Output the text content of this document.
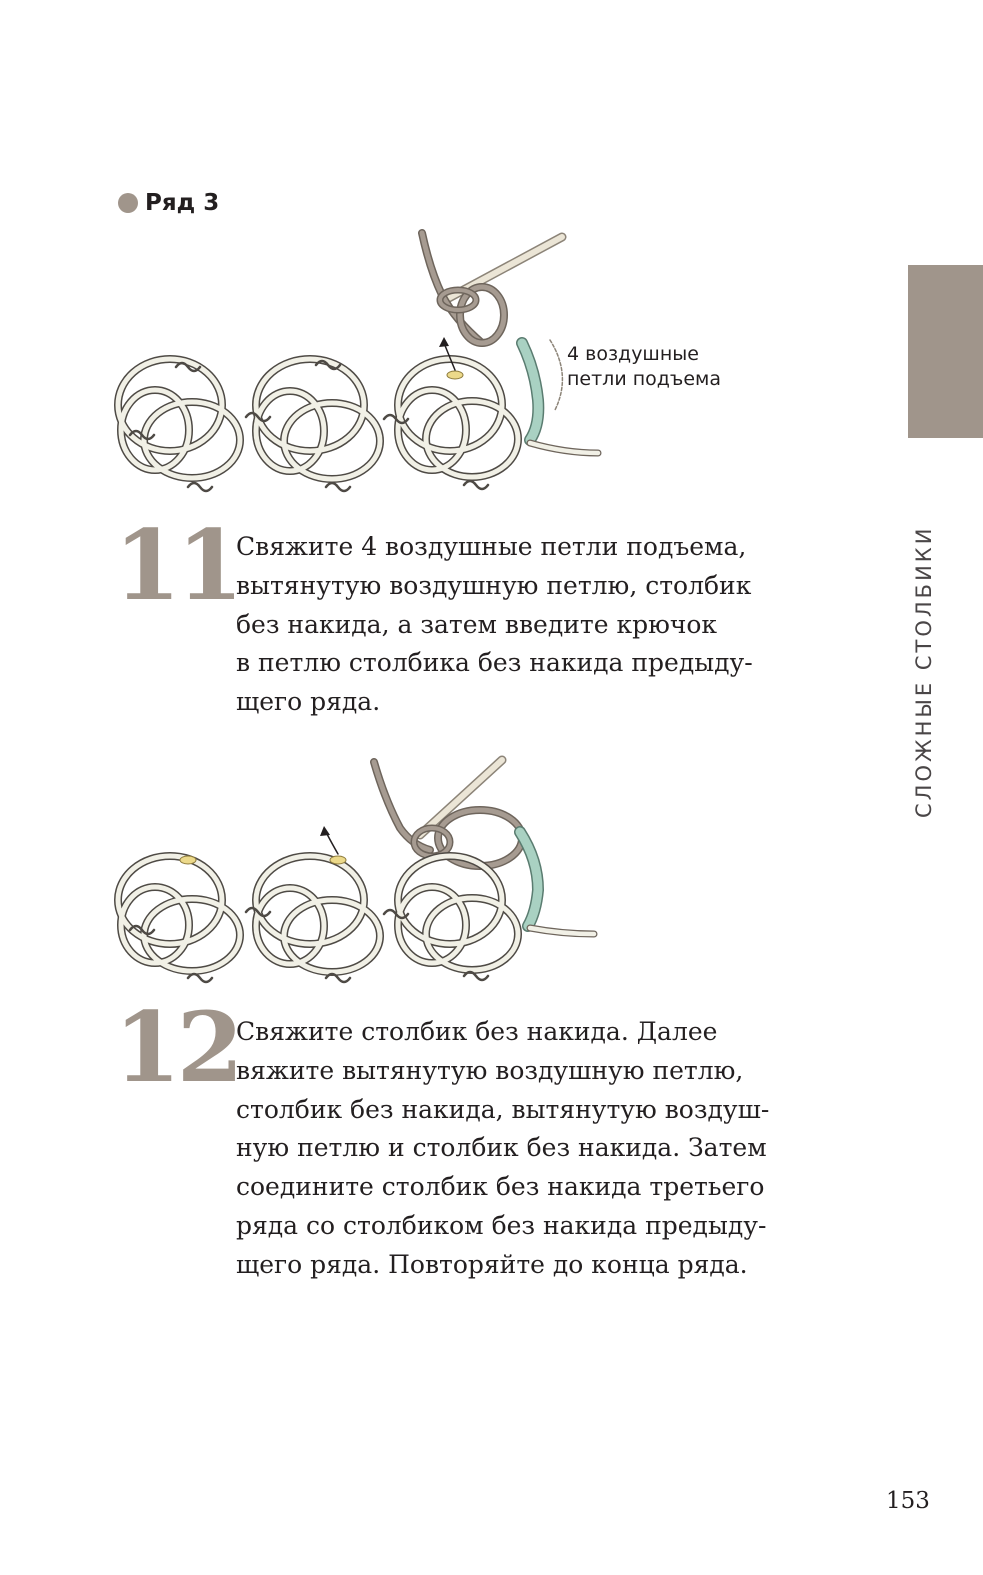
Ряд 3
СЛОЖНЫЕ СТОЛБИКИ
4 воздушные
петли подъема
11
Свяжите 4 воздушные петли подъема,
вытянутую воздушную петлю, столбик
без накида, а затем введите крючок
в петлю столбика без накида предыду-
щего ряда.
12
Свяжите столбик без накида. Далее
вяжите вытянутую воздушную петлю,
столбик без накида, вытянутую воздуш-
ную петлю и столбик без накида. Затем
соедините столбик без накида третьего
ряда со столбиком без накида предыду-
щего ряда. Повторяйте до конца ряда.
153
